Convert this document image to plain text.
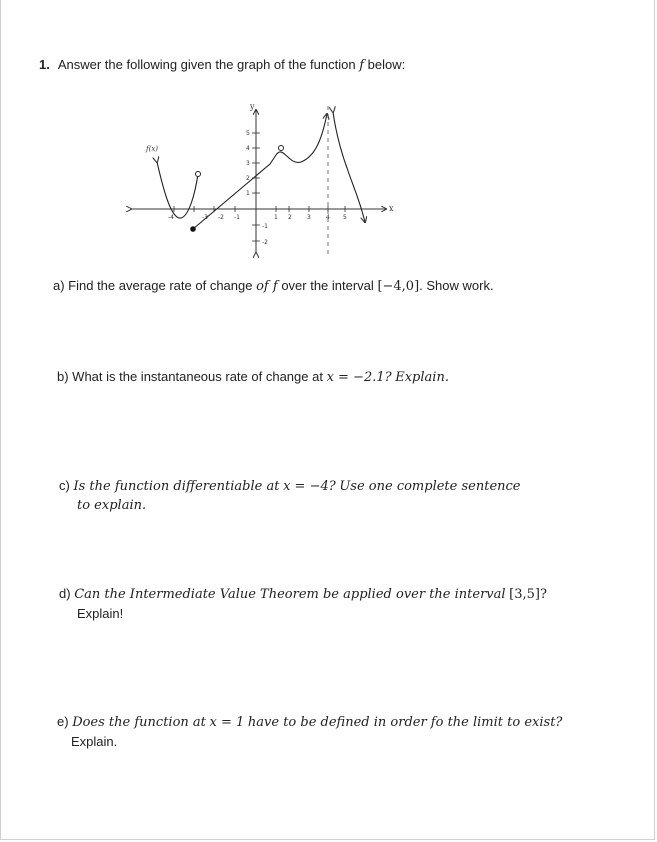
1. Answer the following given the graph of the function f below:
-4	-3 -2 -1	1 2	3	4 5
5
4
3
2
1
-1
-2
y
x
f(x)
a) Find the average rate of change of f over the interval [−4,0]. Show work.
b) What is the instantaneous rate of change at x = −2.1? Explain.
c) Is the function differentiable at x = −4? Use one complete sentence
to explain.
d) Can the Intermediate Value Theorem be applied over the interval [3,5]?
Explain!
e) Does the function at x = 1 have to be defined in order fo the limit to exist?
Explain.
